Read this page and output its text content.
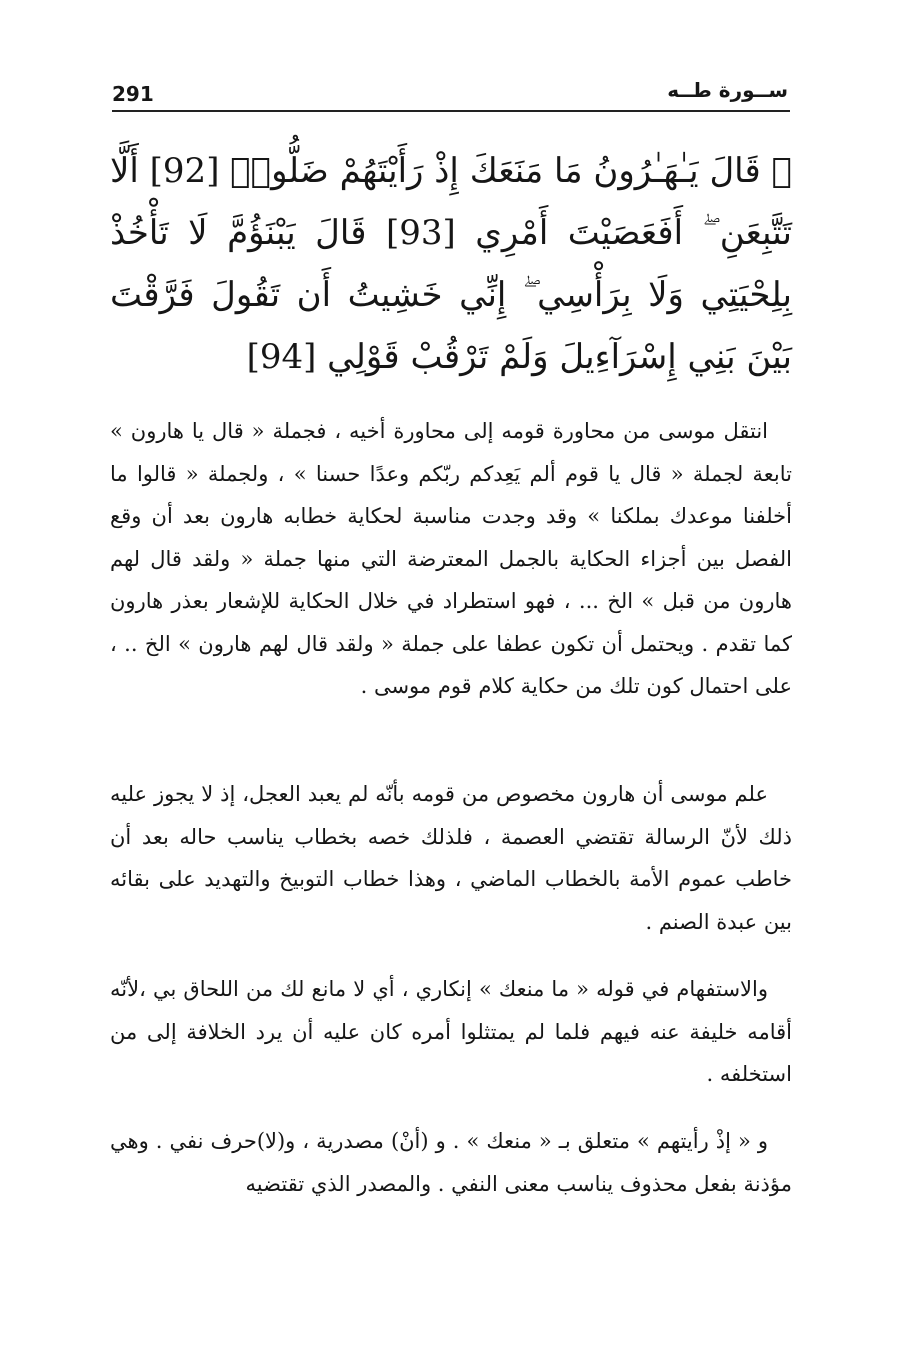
291	ســورة طــه
﴿ قَالَ يَـٰهَـٰرُونُ مَا مَنَعَكَ إِذْ رَأَيْتَهُمْ ضَلُّوا۟ [92] أَلَّا تَتَّبِعَنِ ۖ أَفَعَصَيْتَ أَمْرِي [93] قَالَ يَبْنَؤُمَّ لَا تَأْخُذْ بِلِحْيَتِي وَلَا بِرَأْسِي ۖ إِنِّي خَشِيتُ أَن تَقُولَ فَرَّقْتَ بَيْنَ بَنِي إِسْرَآءِيلَ وَلَمْ تَرْقُبْ قَوْلِي [94]

انتقل موسى من محاورة قومه إلى محاورة أخيه ، فجملة « قال يا هارون » تابعة لجملة « قال يا قوم ألم يَعِدكم ربّكم وعدًا حسنا » ، ولجملة « قالوا ما أخلفنا موعدك بملكنا » وقد وجدت مناسبة لحكاية خطابه هارون بعد أن وقع الفصل بين أجزاء الحكاية بالجمل المعترضة التي منها جملة « ولقد قال لهم هارون من قبل » الخ ... ، فهو استطراد في خلال الحكاية للإشعار بعذر هارون كما تقدم . ويحتمل أن تكون عطفا على جملة « ولقد قال لهم هارون » الخ .. ، على احتمال كون تلك من حكاية كلام قوم موسى .

علم موسى أن هارون مخصوص من قومه بأنّه لم يعبد العجل، إذ لا يجوز عليه ذلك لأنّ الرسالة تقتضي العصمة ، فلذلك خصه بخطاب يناسب حاله بعد أن خاطب عموم الأمة بالخطاب الماضي ، وهذا خطاب التوبيخ والتهديد على بقائه بين عبدة الصنم .

والاستفهام في قوله « ما منعك » إنكاري ، أي لا مانع لك من اللحاق بي ،لأنّه أقامه خليفة عنه فيهم فلما لم يمتثلوا أمره كان عليه أن يرد الخلافة إلى من استخلفه .

و « إذْ رأيتهم » متعلق بـ « منعك » . و (أنْ) مصدرية ، و(لا)حرف نفي . وهي مؤذنة بفعل محذوف يناسب معنى النفي . والمصدر الذي تقتضيه
